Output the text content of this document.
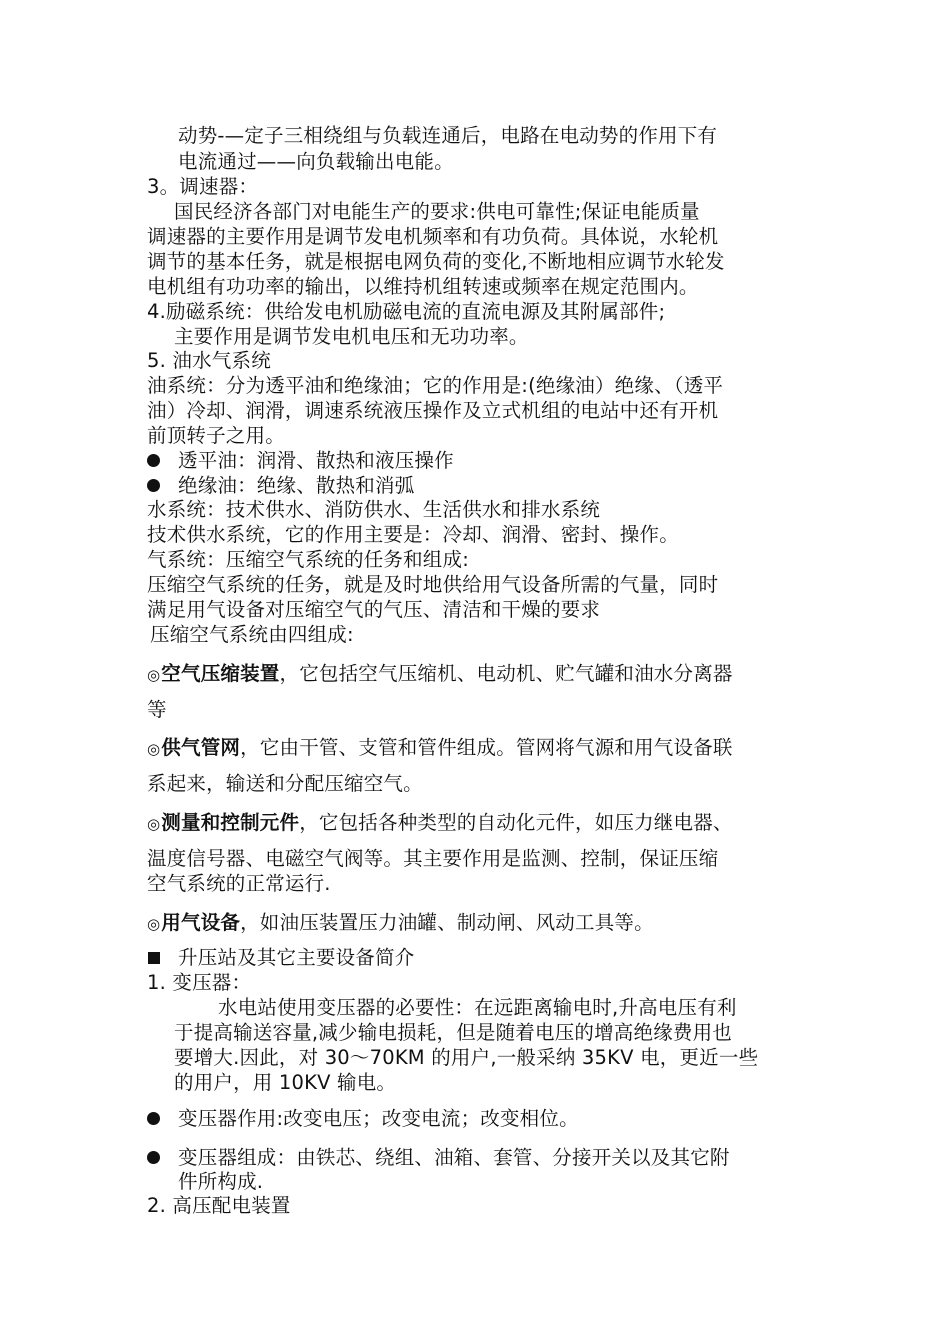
动势-—定子三相绕组与负载连通后，电路在电动势的作用下有
电流通过——向负载输出电能。
3。调速器：
国民经济各部门对电能生产的要求:供电可靠性;保证电能质量
调速器的主要作用是调节发电机频率和有功负荷。具体说，水轮机
调节的基本任务，就是根据电网负荷的变化,不断地相应调节水轮发
电机组有功功率的输出，以维持机组转速或频率在规定范围内。
4.励磁系统：供给发电机励磁电流的直流电源及其附属部件;
主要作用是调节发电机电压和无功功率。
5. 油水气系统
油系统：分为透平油和绝缘油；它的作用是:(绝缘油）绝缘、（透平
油）冷却、润滑，调速系统液压操作及立式机组的电站中还有开机
前顶转子之用。
透平油：润滑、散热和液压操作
绝缘油：绝缘、散热和消弧
水系统：技术供水、消防供水、生活供水和排水系统
技术供水系统，它的作用主要是：冷却、润滑、密封、操作。
气系统：压缩空气系统的任务和组成:
压缩空气系统的任务，就是及时地供给用气设备所需的气量，同时
满足用气设备对压缩空气的气压、清洁和干燥的要求
压缩空气系统由四组成:
◎空气压缩装置，它包括空气压缩机、电动机、贮气罐和油水分离器
等
◎供气管网，它由干管、支管和管件组成。管网将气源和用气设备联
系起来，输送和分配压缩空气。
◎测量和控制元件，它包括各种类型的自动化元件，如压力继电器、
温度信号器、电磁空气阀等。其主要作用是监测、控制，保证压缩
空气系统的正常运行.
◎用气设备，如油压装置压力油罐、制动闸、风动工具等。
升压站及其它主要设备简介
1. 变压器：
水电站使用变压器的必要性：在远距离输电时,升高电压有利
于提高输送容量,减少输电损耗，但是随着电压的增高绝缘费用也
要增大.因此，对 30～70KM 的用户,一般采纳 35KV 电，更近一些
的用户，用 10KV 输电。
变压器作用:改变电压；改变电流；改变相位。
变压器组成：由铁芯、绕组、油箱、套管、分接开关以及其它附
件所构成.
2. 高压配电装置
